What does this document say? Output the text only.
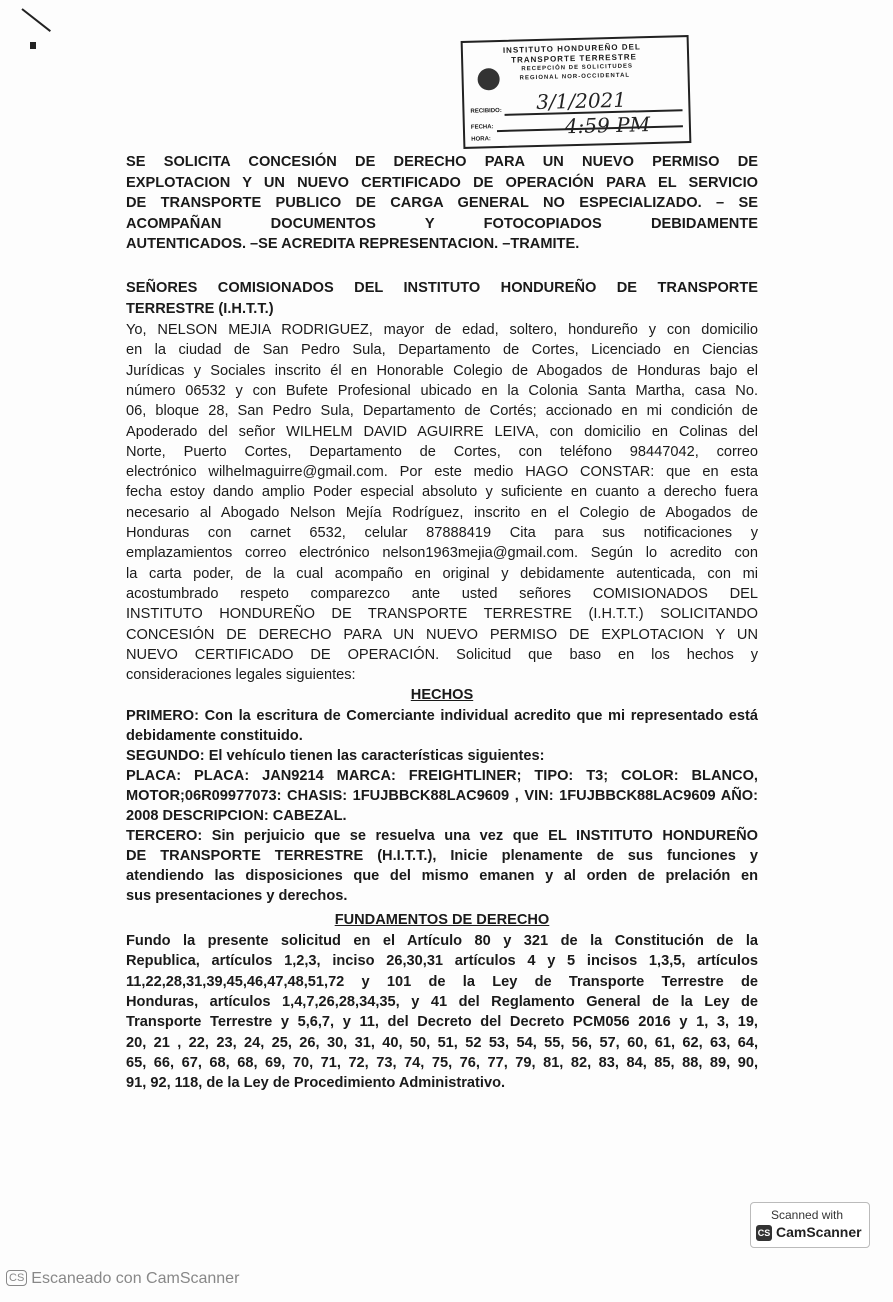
INSTITUTO HONDUREÑO DEL
TRANSPORTE TERRESTRE
RECEPCIÓN DE SOLICITUDES
REGIONAL NOR-OCCIDENTAL
RECIBIDO:
FECHA:
HORA:
3/1/2021
4:59 PM
Scanned with
CS CamScanner
CS Escaneado con CamScanner
SE SOLICITA CONCESIÓN DE DERECHO PARA UN NUEVO PERMISO DE
EXPLOTACION Y UN NUEVO CERTIFICADO DE OPERACIÓN PARA EL SERVICIO
DE TRANSPORTE PUBLICO DE CARGA GENERAL NO ESPECIALIZADO. – SE
ACOMPAÑAN DOCUMENTOS Y FOTOCOPIADOS DEBIDAMENTE
AUTENTICADOS. –SE ACREDITA REPRESENTACION. –TRAMITE.
SEÑORES COMISIONADOS DEL INSTITUTO HONDUREÑO DE TRANSPORTE
TERRESTRE (I.H.T.T.)
Yo, NELSON MEJIA RODRIGUEZ, mayor de edad, soltero, hondureño y con domicilio
en la ciudad de San Pedro Sula, Departamento de Cortes, Licenciado en Ciencias
Jurídicas y Sociales inscrito él en Honorable Colegio de Abogados de Honduras bajo el
número 06532 y con Bufete Profesional ubicado en la Colonia Santa Martha, casa No.
06, bloque 28, San Pedro Sula, Departamento de Cortés; accionado en mi condición de
Apoderado del señor WILHELM DAVID AGUIRRE LEIVA, con domicilio en Colinas del
Norte, Puerto Cortes, Departamento de Cortes, con teléfono 98447042, correo
electrónico wilhelmaguirre@gmail.com. Por este medio HAGO CONSTAR: que en esta
fecha estoy dando amplio Poder especial absoluto y suficiente en cuanto a derecho fuera
necesario al Abogado Nelson Mejía Rodríguez, inscrito en el Colegio de Abogados de
Honduras con carnet 6532, celular 87888419 Cita para sus notificaciones y
emplazamientos correo electrónico nelson1963mejia@gmail.com. Según lo acredito con
la carta poder, de la cual acompaño en original y debidamente autenticada, con mi
acostumbrado respeto comparezco ante usted señores COMISIONADOS DEL
INSTITUTO HONDUREÑO DE TRANSPORTE TERRESTRE (I.H.T.T.) SOLICITANDO
CONCESIÓN DE DERECHO PARA UN NUEVO PERMISO DE EXPLOTACION Y UN
NUEVO CERTIFICADO DE OPERACIÓN. Solicitud que baso en los hechos y
consideraciones legales siguientes:
HECHOS
PRIMERO: Con la escritura de Comerciante individual acredito que mi representado está
debidamente constituido.
SEGUNDO: El vehículo tienen las características siguientes:
PLACA: PLACA: JAN9214 MARCA: FREIGHTLINER; TIPO: T3; COLOR: BLANCO,
MOTOR;06R09977073: CHASIS: 1FUJBBCK88LAC9609 , VIN: 1FUJBBCK88LAC9609 AÑO:
2008 DESCRIPCION: CABEZAL.
TERCERO: Sin perjuicio que se resuelva una vez que EL INSTITUTO HONDUREÑO
DE TRANSPORTE TERRESTRE (H.I.T.T.), Inicie plenamente de sus funciones y
atendiendo las disposiciones que del mismo emanen y al orden de prelación en
sus presentaciones y derechos.
FUNDAMENTOS DE DERECHO
Fundo la presente solicitud en el Artículo 80 y 321 de la Constitución de la
Republica, artículos 1,2,3, inciso 26,30,31 artículos 4 y 5 incisos 1,3,5, artículos
11,22,28,31,39,45,46,47,48,51,72 y 101 de la Ley de Transporte Terrestre de
Honduras, artículos 1,4,7,26,28,34,35, y 41 del Reglamento General de la Ley de
Transporte Terrestre y 5,6,7, y 11, del Decreto del Decreto PCM056 2016 y 1, 3, 19,
20, 21 , 22, 23, 24, 25, 26, 30, 31, 40, 50, 51, 52 53, 54, 55, 56, 57, 60, 61, 62, 63, 64,
65, 66, 67, 68, 68, 69, 70, 71, 72, 73, 74, 75, 76, 77, 79, 81, 82, 83, 84, 85, 88, 89, 90,
91, 92, 118, de la Ley de Procedimiento Administrativo.
